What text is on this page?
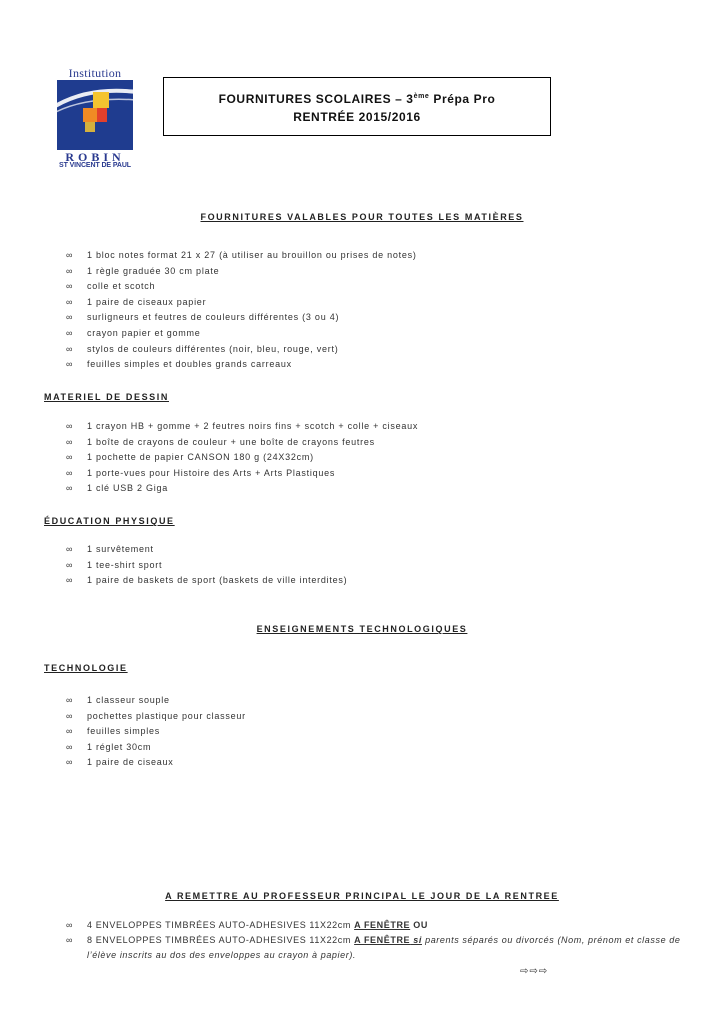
Institution
ROBIN
ST VINCENT DE PAUL
FOURNITURES SCOLAIRES – 3ème Prépa Pro
RENTRÉE 2015/2016
FOURNITURES VALABLES POUR TOUTES LES MATIÈRES
∞ 1 bloc notes format 21 x 27 (à utiliser au brouillon ou prises de notes)
∞ 1 règle graduée 30 cm plate
∞ colle et scotch
∞ 1 paire de ciseaux papier
∞ surligneurs et feutres de couleurs différentes (3 ou 4)
∞ crayon papier et gomme
∞ stylos de couleurs différentes (noir, bleu, rouge, vert)
∞ feuilles simples et doubles grands carreaux
MATERIEL DE DESSIN
∞ 1 crayon HB + gomme + 2 feutres noirs fins + scotch + colle + ciseaux
∞ 1 boîte de crayons de couleur + une boîte de crayons feutres
∞ 1 pochette de papier CANSON 180 g (24X32cm)
∞ 1 porte-vues pour Histoire des Arts + Arts Plastiques
∞ 1 clé USB 2 Giga
ÉDUCATION PHYSIQUE
∞ 1 survêtement
∞ 1 tee-shirt sport
∞ 1 paire de baskets de sport (baskets de ville interdites)
ENSEIGNEMENTS TECHNOLOGIQUES
TECHNOLOGIE
∞ 1 classeur souple
∞ pochettes plastique pour classeur
∞ feuilles simples
∞ 1 réglet 30cm
∞ 1 paire de ciseaux
A REMETTRE AU PROFESSEUR PRINCIPAL LE JOUR DE LA RENTREE
∞ 4 ENVELOPPES TIMBRÉES AUTO-ADHESIVES 11X22cm A FENÊTRE OU
∞ 8 ENVELOPPES TIMBRÉES AUTO-ADHESIVES 11X22cm A FENÊTRE si parents séparés ou divorcés (Nom, prénom et classe de l’élève inscrits au dos des enveloppes au crayon à papier).
⇨⇨⇨
